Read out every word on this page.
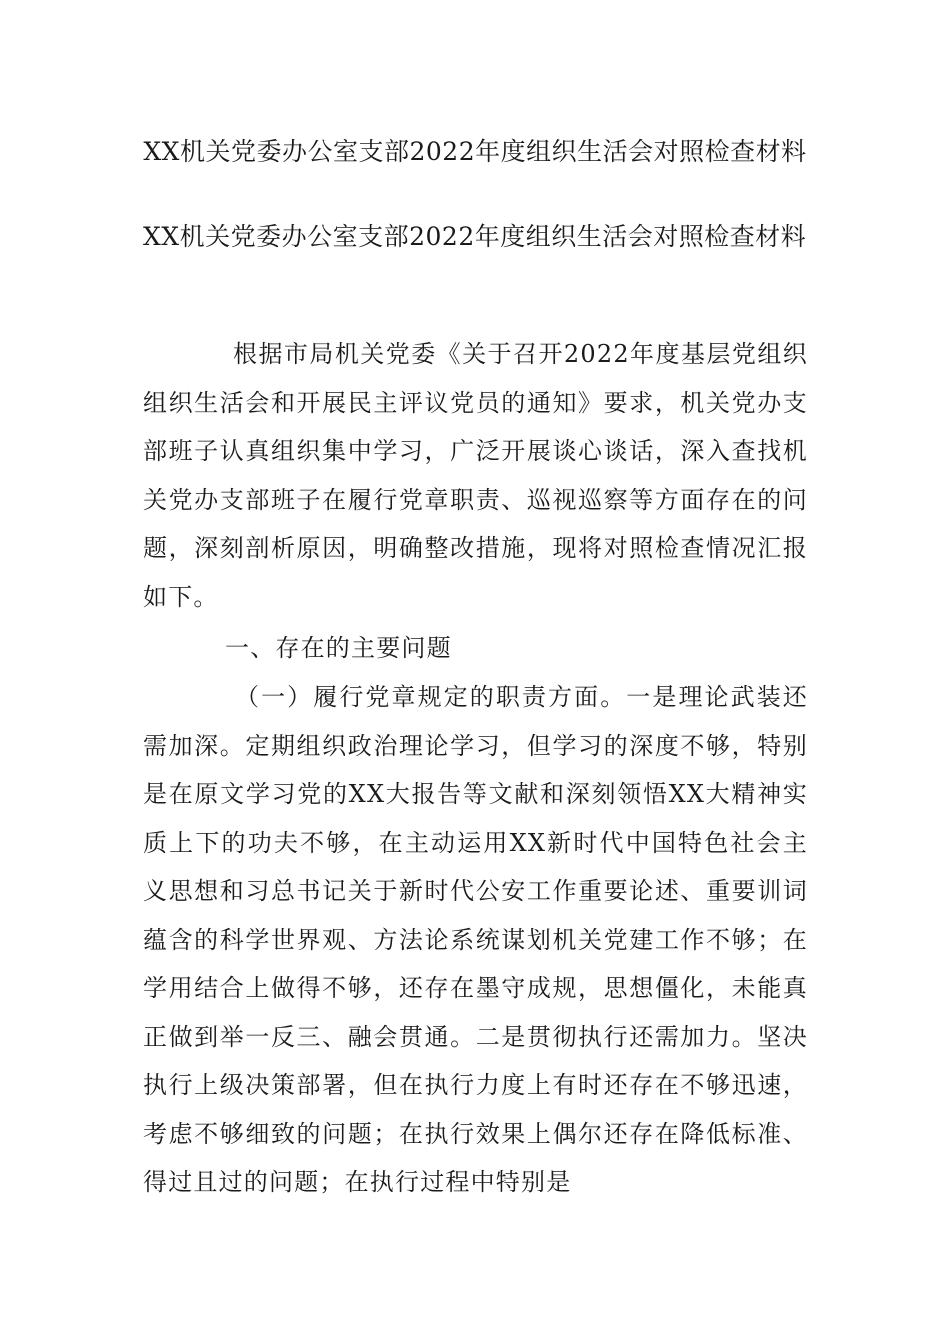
XX机关党委办公室支部2022年度组织生活会对照检查材料
XX机关党委办公室支部2022年度组织生活会对照检查材料

根据市局机关党委《关于召开2022年度基层党组织组织生活会和开展民主评议党员的通知》要求，机关党办支部班子认真组织集中学习，广泛开展谈心谈话，深入查找机关党办支部班子在履行党章职责、巡视巡察等方面存在的问题，深刻剖析原因，明确整改措施，现将对照检查情况汇报如下。

一、存在的主要问题

（一）履行党章规定的职责方面。一是理论武装还需加深。定期组织政治理论学习，但学习的深度不够，特别是在原文学习党的XX大报告等文献和深刻领悟XX大精神实质上下的功夫不够，在主动运用XX新时代中国特色社会主义思想和习总书记关于新时代公安工作重要论述、重要训词蕴含的科学世界观、方法论系统谋划机关党建工作不够；在学用结合上做得不够，还存在墨守成规，思想僵化，未能真正做到举一反三、融会贯通。二是贯彻执行还需加力。坚决执行上级决策部署，但在执行力度上有时还存在不够迅速，考虑不够细致的问题；在执行效果上偶尔还存在降低标准、得过且过的问题；在执行过程中特别是
